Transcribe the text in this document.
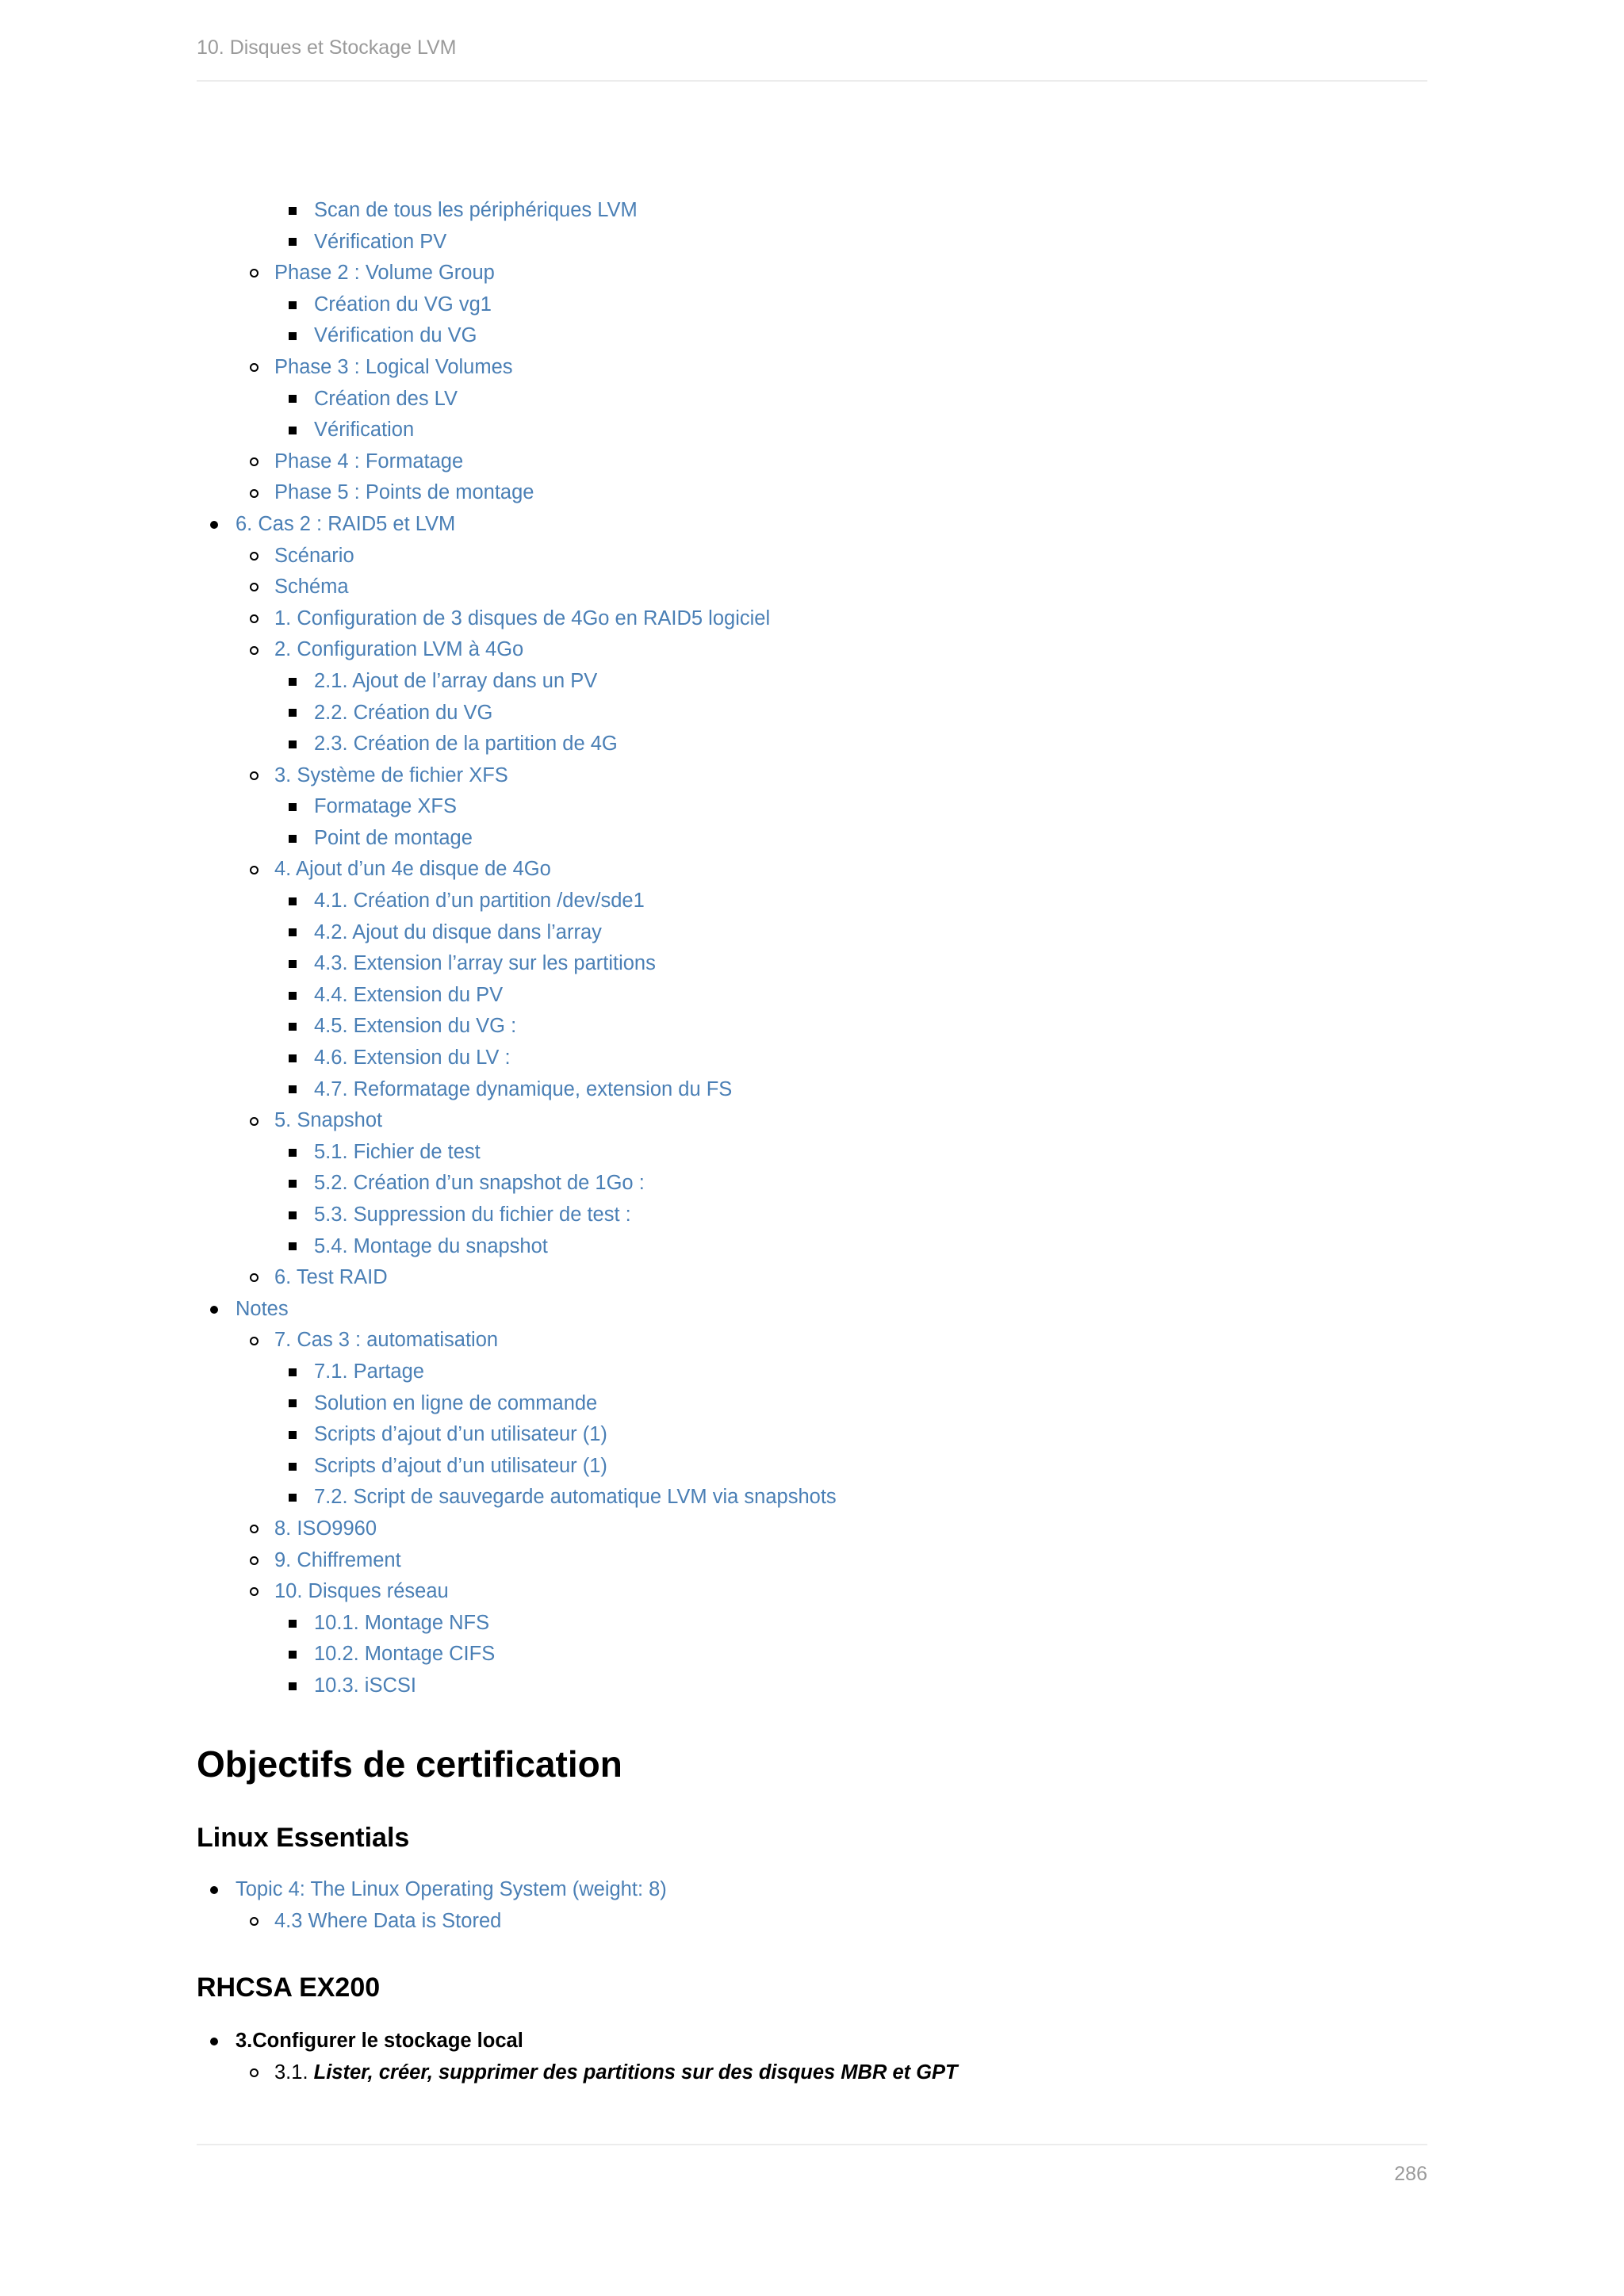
10. Disques et Stockage LVM
Scan de tous les périphériques LVM
Vérification PV
Phase 2 : Volume Group
Création du VG vg1
Vérification du VG
Phase 3 : Logical Volumes
Création des LV
Vérification
Phase 4 : Formatage
Phase 5 : Points de montage
6. Cas 2 : RAID5 et LVM
Scénario
Schéma
1. Configuration de 3 disques de 4Go en RAID5 logiciel
2. Configuration LVM à 4Go
2.1. Ajout de l’array dans un PV
2.2. Création du VG
2.3. Création de la partition de 4G
3. Système de fichier XFS
Formatage XFS
Point de montage
4. Ajout d’un 4e disque de 4Go
4.1. Création d’un partition /dev/sde1
4.2. Ajout du disque dans l’array
4.3. Extension l’array sur les partitions
4.4. Extension du PV
4.5. Extension du VG :
4.6. Extension du LV :
4.7. Reformatage dynamique, extension du FS
5. Snapshot
5.1. Fichier de test
5.2. Création d’un snapshot de 1Go :
5.3. Suppression du fichier de test :
5.4. Montage du snapshot
6. Test RAID
Notes
7. Cas 3 : automatisation
7.1. Partage
Solution en ligne de commande
Scripts d’ajout d’un utilisateur (1)
Scripts d’ajout d’un utilisateur (1)
7.2. Script de sauvegarde automatique LVM via snapshots
8. ISO9960
9. Chiffrement
10. Disques réseau
10.1. Montage NFS
10.2. Montage CIFS
10.3. iSCSI
Objectifs de certification
Linux Essentials
Topic 4: The Linux Operating System (weight: 8)
4.3 Where Data is Stored
RHCSA EX200
3.Configurer le stockage local
3.1. Lister, créer, supprimer des partitions sur des disques MBR et GPT
286
